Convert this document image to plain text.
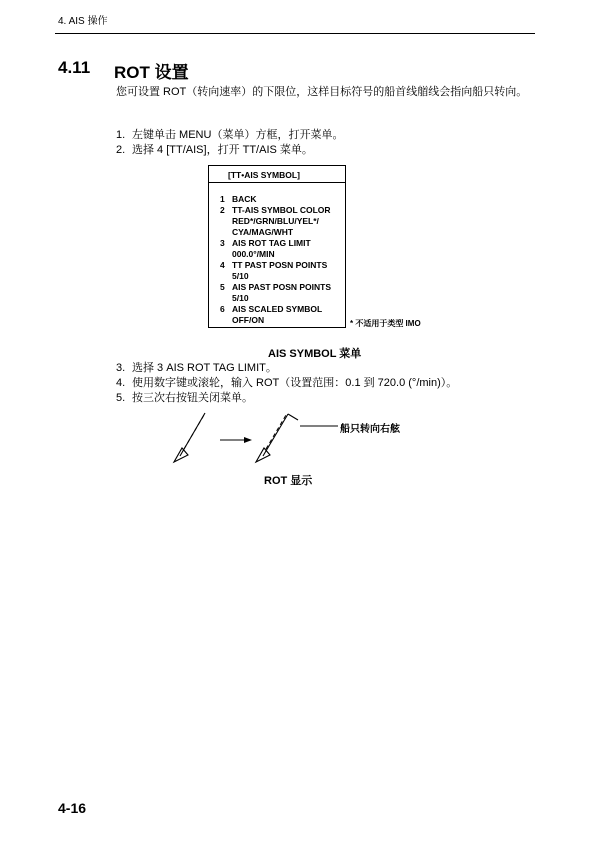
4. AIS 操作
4.11 ROT 设置
您可设置 ROT（转向速率）的下限位，这样目标符号的船首线艏线会指向船只转向。
1. 左键单击 MENU（菜单）方框，打开菜单。
2. 选择 4 [TT/AIS]，打开 TT/AIS 菜单。
[TT•AIS SYMBOL]
1 BACK
2 TT-AIS SYMBOL COLOR
RED*/GRN/BLU/YEL*/
CYA/MAG/WHT
3 AIS ROT TAG LIMIT
000.0°/MIN
4 TT PAST POSN POINTS
5/10
5 AIS PAST POSN POINTS
5/10
6 AIS SCALED SYMBOL
OFF/ON	* 不适用于类型 IMO
AIS SYMBOL 菜单
3. 选择 3 AIS ROT TAG LIMIT。
4. 使用数字键或滚轮，输入 ROT（设置范围：0.1 到 720.0 (°/min)）。
5. 按三次右按钮关闭菜单。
船只转向右舷
ROT 显示
4-16
